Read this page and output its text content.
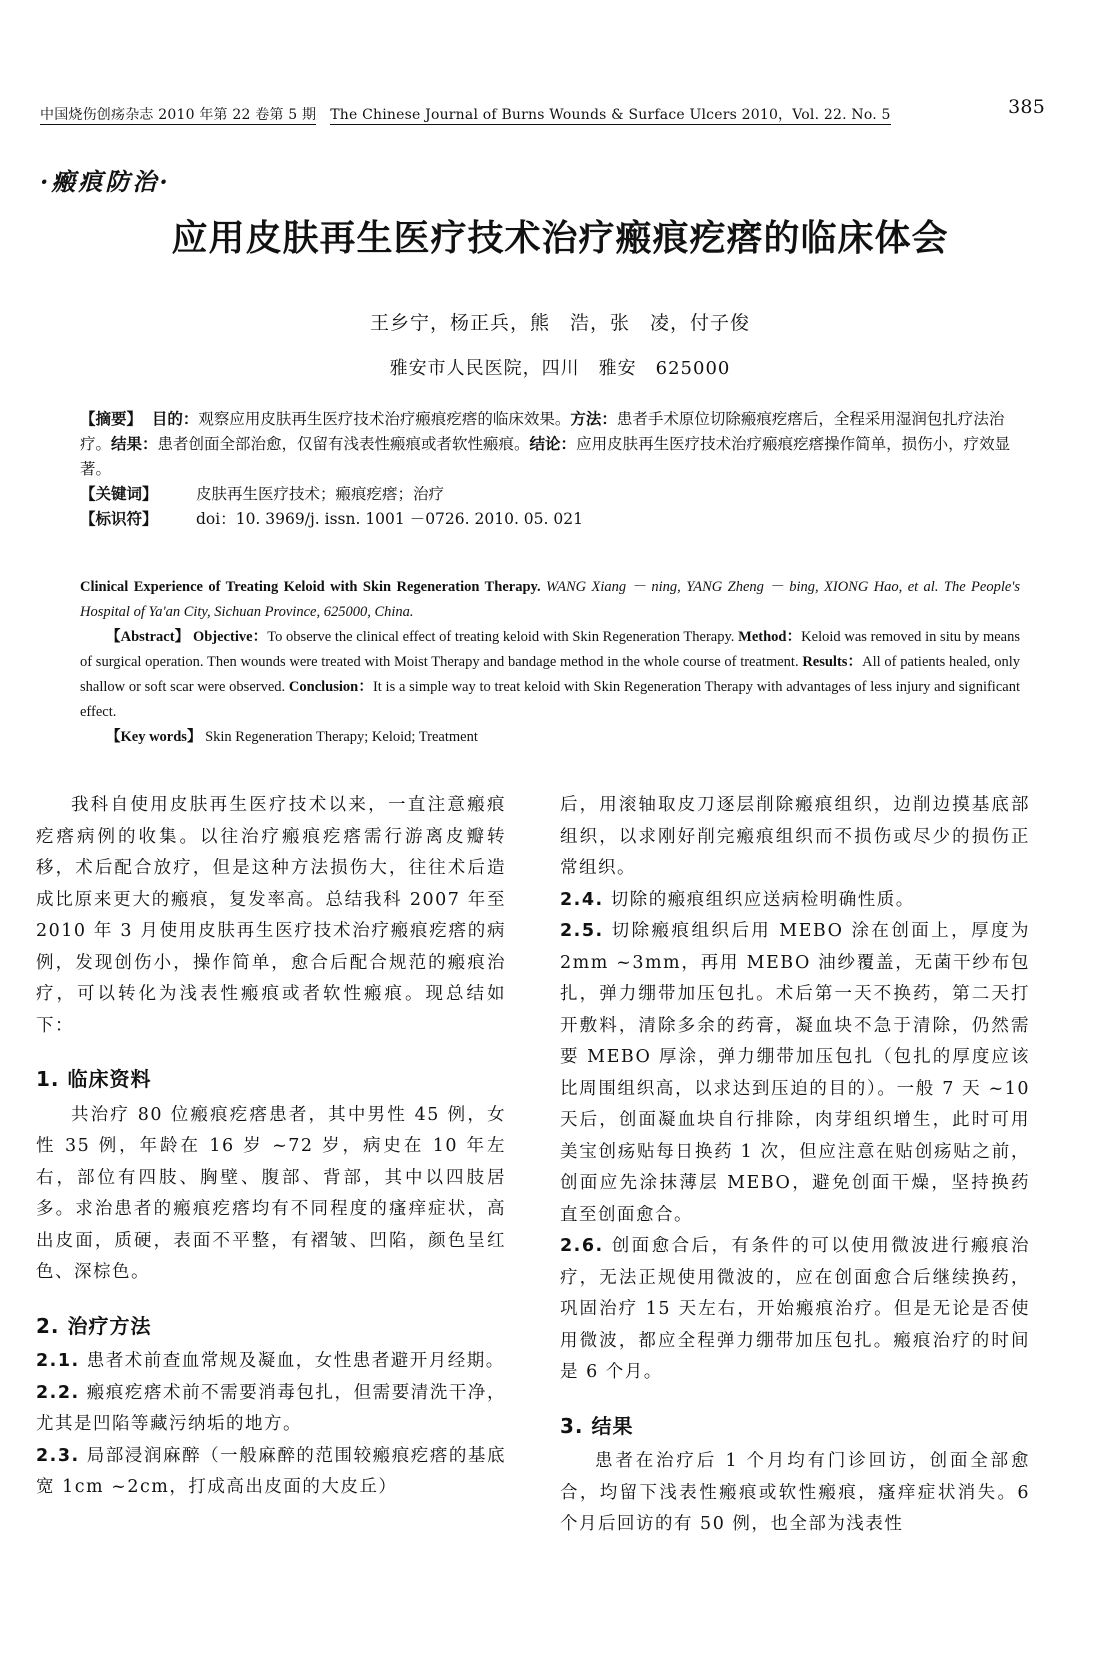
中国烧伤创疡杂志 2010 年第 22 卷第 5 期 The Chinese Journal of Burns Wounds & Surface Ulcers 2010，Vol. 22. No. 5	385
·瘢痕防治·
应用皮肤再生医疗技术治疗瘢痕疙瘩的临床体会
王乡宁，杨正兵，熊　浩，张　凌，付子俊
雅安市人民医院，四川　雅安　625000
【摘要】 目的：观察应用皮肤再生医疗技术治疗瘢痕疙瘩的临床效果。方法：患者手术原位切除瘢痕疙瘩后，全程采用湿润包扎疗法治疗。结果：患者创面全部治愈，仅留有浅表性瘢痕或者软性瘢痕。结论：应用皮肤再生医疗技术治疗瘢痕疙瘩操作简单，损伤小，疗效显著。
【关键词】	皮肤再生医疗技术；瘢痕疙瘩；治疗
【标识符】	doi：10. 3969/j. issn. 1001 －0726. 2010. 05. 021
Clinical Experience of Treating Keloid with Skin Regeneration Therapy. WANG Xiang － ning, YANG Zheng － bing, XIONG Hao, et al. The People's Hospital of Ya'an City, Sichuan Province, 625000, China.
【Abstract】 Objective：To observe the clinical effect of treating keloid with Skin Regeneration Therapy. Method：Keloid was removed in situ by means of surgical operation. Then wounds were treated with Moist Therapy and bandage method in the whole course of treatment. Results：All of patients healed, only shallow or soft scar were observed. Conclusion：It is a simple way to treat keloid with Skin Regeneration Therapy with advantages of less injury and significant effect.
【Key words】 Skin Regeneration Therapy; Keloid; Treatment

我科自使用皮肤再生医疗技术以来，一直注意瘢痕疙瘩病例的收集。以往治疗瘢痕疙瘩需行游离皮瓣转移，术后配合放疗，但是这种方法损伤大，往往术后造成比原来更大的瘢痕，复发率高。总结我科 2007 年至 2010 年 3 月使用皮肤再生医疗技术治疗瘢痕疙瘩的病例，发现创伤小，操作简单，愈合后配合规范的瘢痕治疗，可以转化为浅表性瘢痕或者软性瘢痕。现总结如下：

1. 临床资料

共治疗 80 位瘢痕疙瘩患者，其中男性 45 例，女性 35 例，年龄在 16 岁 ~72 岁，病史在 10 年左右，部位有四肢、胸壁、腹部、背部，其中以四肢居多。求治患者的瘢痕疙瘩均有不同程度的瘙痒症状，高出皮面，质硬，表面不平整，有褶皱、凹陷，颜色呈红色、深棕色。

2. 治疗方法

2.1. 患者术前查血常规及凝血，女性患者避开月经期。

2.2. 瘢痕疙瘩术前不需要消毒包扎，但需要清洗干净，尤其是凹陷等藏污纳垢的地方。

2.3. 局部浸润麻醉（一般麻醉的范围较瘢痕疙瘩的基底宽 1cm ~2cm，打成高出皮面的大皮丘）

后，用滚轴取皮刀逐层削除瘢痕组织，边削边摸基底部组织，以求刚好削完瘢痕组织而不损伤或尽少的损伤正常组织。

2.4. 切除的瘢痕组织应送病检明确性质。

2.5. 切除瘢痕组织后用 MEBO 涂在创面上，厚度为 2mm ~3mm，再用 MEBO 油纱覆盖，无菌干纱布包扎，弹力绷带加压包扎。术后第一天不换药，第二天打开敷料，清除多余的药膏，凝血块不急于清除，仍然需要 MEBO 厚涂，弹力绷带加压包扎（包扎的厚度应该比周围组织高，以求达到压迫的目的）。一般 7 天 ~10 天后，创面凝血块自行排除，肉芽组织增生，此时可用美宝创疡贴每日换药 1 次，但应注意在贴创疡贴之前，创面应先涂抹薄层 MEBO，避免创面干燥，坚持换药直至创面愈合。

2.6. 创面愈合后，有条件的可以使用微波进行瘢痕治疗，无法正规使用微波的，应在创面愈合后继续换药，巩固治疗 15 天左右，开始瘢痕治疗。但是无论是否使用微波，都应全程弹力绷带加压包扎。瘢痕治疗的时间是 6 个月。

3. 结果

患者在治疗后 1 个月均有门诊回访，创面全部愈合，均留下浅表性瘢痕或软性瘢痕，瘙痒症状消失。6 个月后回访的有 50 例，也全部为浅表性
